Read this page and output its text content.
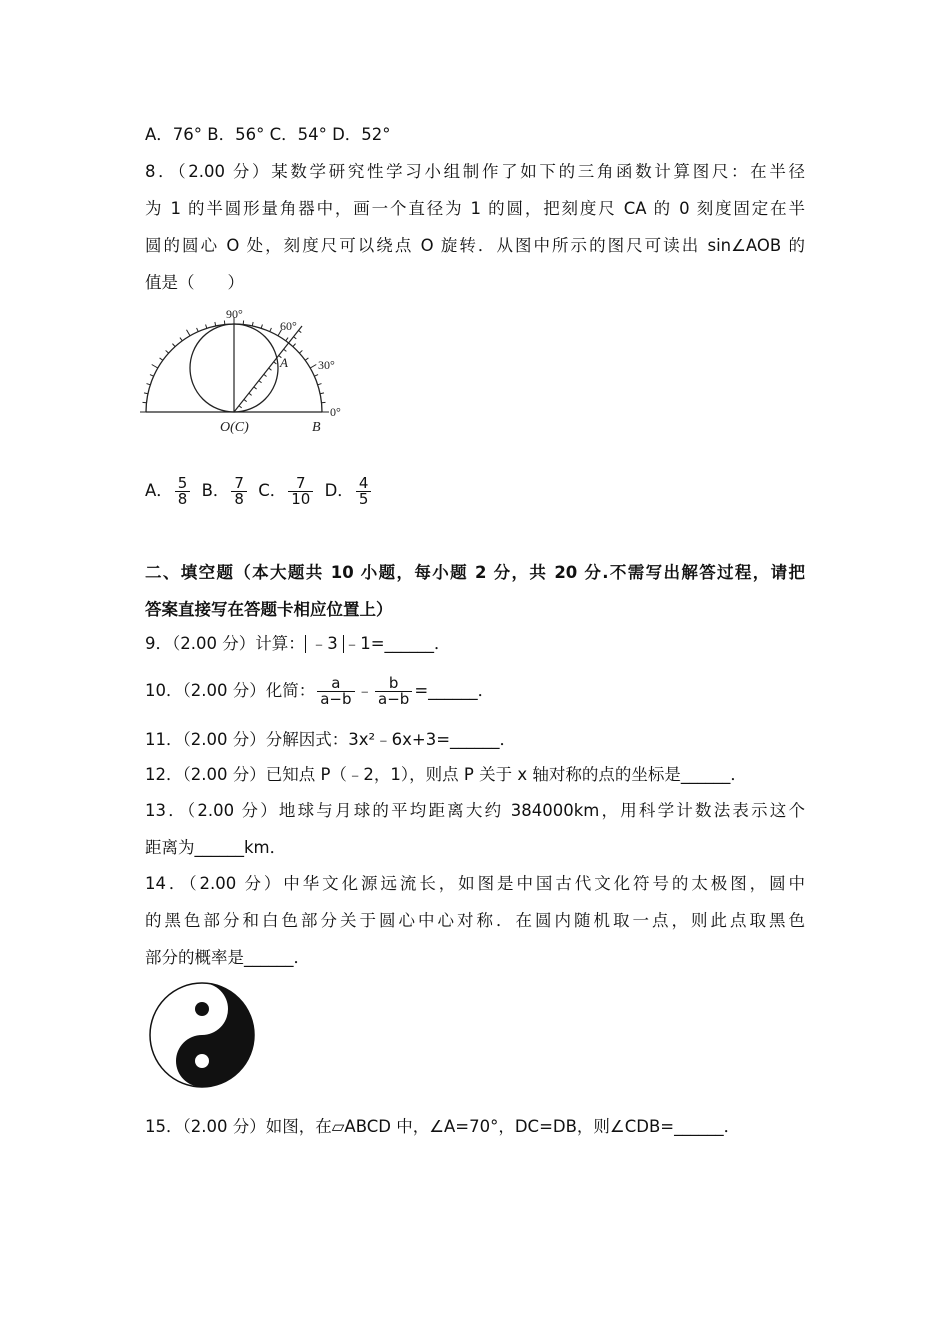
A．76° B．56° C．54° D．52°
8．（2.00 分）某数学研究性学习小组制作了如下的三角函数计算图尺：在半径
为 1 的半圆形量角器中，画一个直径为 1 的圆，把刻度尺 CA 的 0 刻度固定在半
圆的圆心 O 处，刻度尺可以绕点 O 旋转．从图中所示的图尺可读出 sin∠AOB 的
值是（　　）
90°
60°
30°
0°
A
O(C)	B
A． $\frac{5}{8}$ B． $\frac{7}{8}$ C． $\frac{7}{10}$ D． $\frac{4}{5}$
二、填空题（本大题共 10 小题，每小题 2 分，共 20 分.不需写出解答过程，请把
答案直接写在答题卡相应位置上）
9．（2.00 分）计算： ﹣3 ﹣1=______．
10．（2.00 分）化简： $\frac{a}{a-b}$ ﹣ $\frac{b}{a-b}$ =______．
11．（2.00 分）分解因式：3x²﹣6x+3=______．
12．（2.00 分）已知点 P（﹣2，1），则点 P 关于 x 轴对称的点的坐标是______．
13．（2.00 分）地球与月球的平均距离大约 384000km，用科学计数法表示这个
距离为______km．
14．（2.00 分）中华文化源远流长，如图是中国古代文化符号的太极图，圆中
的黑色部分和白色部分关于圆心中心对称．在圆内随机取一点，则此点取黑色
部分的概率是______．
15．（2.00 分）如图，在▱ABCD 中，∠A=70°，DC=DB，则∠CDB=______．
